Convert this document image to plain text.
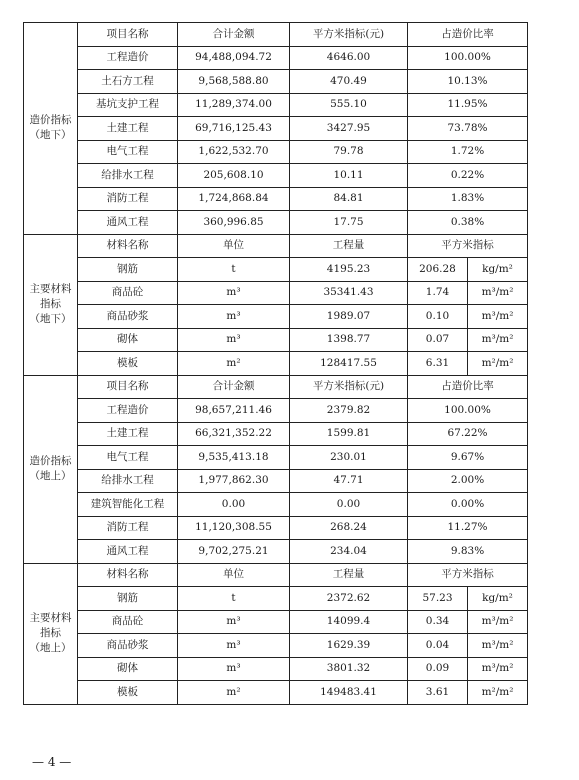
造价指标
（地下）	项目名称	合计金额	平方米指标(元)	占造价比率	
	工程造价	94,488,094.72	4646.00	100.00%	
	土石方工程	9,568,588.80	470.49	10.13%	
	基坑支护工程	11,289,374.00	555.10	11.95%	
	土建工程	69,716,125.43	3427.95	73.78%	
	电气工程	1,622,532.70	79.78	1.72%	
	给排水工程	205,608.10	10.11	0.22%	
	消防工程	1,724,868.84	84.81	1.83%	
	通风工程	360,996.85	17.75	0.38%	

主要材料
指标
（地下）	材料名称	单位	工程量	平方米指标	
	钢筋	t	4195.23	206.28	kg/m²
	商品砼	m³	35341.43	1.74	m³/m²
	商品砂浆	m³	1989.07	0.10	m³/m²
	砌体	m³	1398.77	0.07	m³/m²
	模板	m²	128417.55	6.31	m²/m²

造价指标
（地上）	项目名称	合计金额	平方米指标(元)	占造价比率	
	工程造价	98,657,211.46	2379.82	100.00%	
	土建工程	66,321,352.22	1599.81	67.22%	
	电气工程	9,535,413.18	230.01	9.67%	
	给排水工程	1,977,862.30	47.71	2.00%	
	建筑智能化工程	0.00	0.00	0.00%	
	消防工程	11,120,308.55	268.24	11.27%	
	通风工程	9,702,275.21	234.04	9.83%	

主要材料
指标
（地上）	材料名称	单位	工程量	平方米指标	
	钢筋	t	2372.62	57.23	kg/m²
	商品砼	m³	14099.4	0.34	m³/m²
	商品砂浆	m³	1629.39	0.04	m³/m²
	砌体	m³	3801.32	0.09	m³/m²
	模板	m²	149483.41	3.61	m²/m²
— 4 —
